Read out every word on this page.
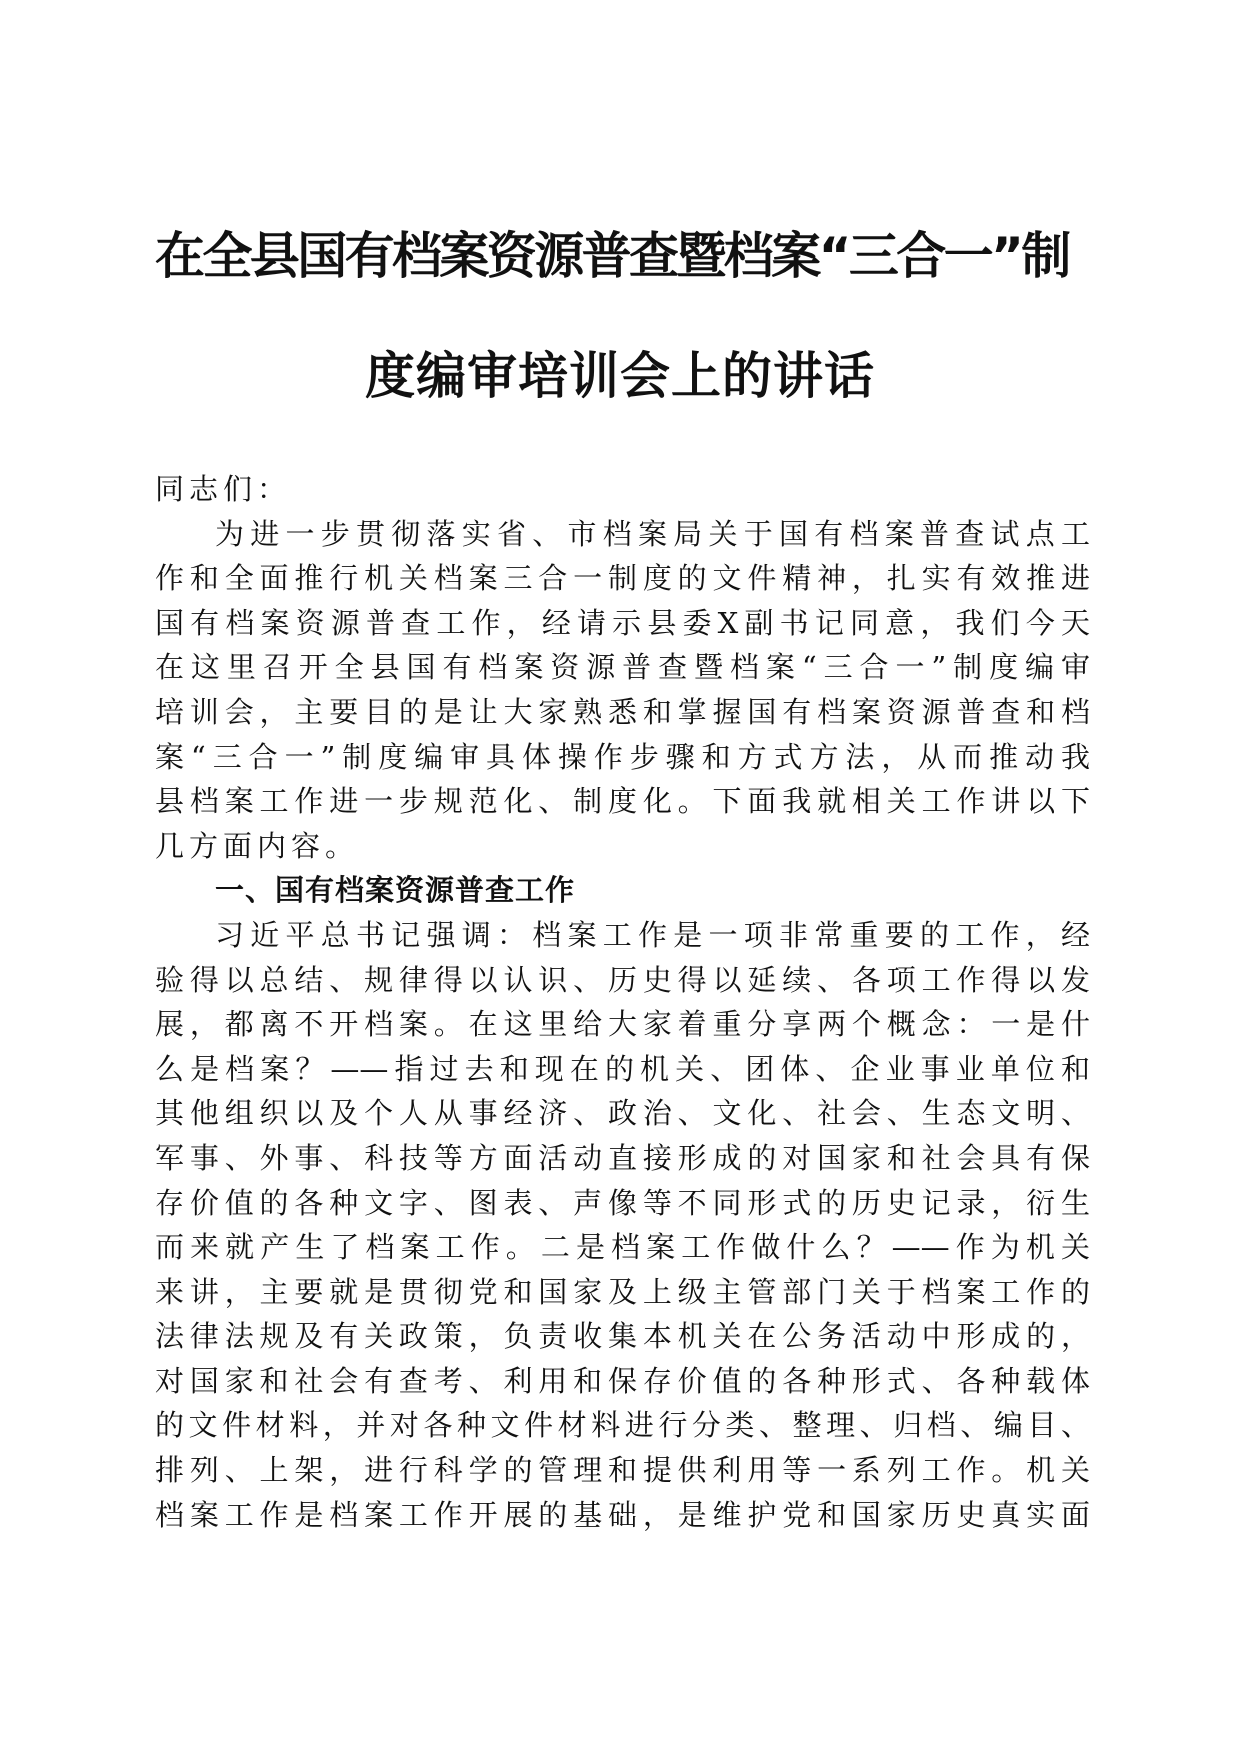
在全县国有档案资源普查暨档案“三合一”制
度编审培训会上的讲话
同志们：
为进一步贯彻落实省、市档案局关于国有档案普查试点工
作和全面推行机关档案三合一制度的文件精神，扎实有效推进
国有档案资源普查工作，经请示县委X副书记同意，我们今天
在这里召开全县国有档案资源普查暨档案“三合一”制度编审
培训会，主要目的是让大家熟悉和掌握国有档案资源普查和档
案“三合一”制度编审具体操作步骤和方式方法，从而推动我
县档案工作进一步规范化、制度化。下面我就相关工作讲以下
几方面内容。
一、国有档案资源普查工作
习近平总书记强调：档案工作是一项非常重要的工作，经
验得以总结、规律得以认识、历史得以延续、各项工作得以发
展，都离不开档案。在这里给大家着重分享两个概念：一是什
么是档案？——指过去和现在的机关、团体、企业事业单位和
其他组织以及个人从事经济、政治、文化、社会、生态文明、
军事、外事、科技等方面活动直接形成的对国家和社会具有保
存价值的各种文字、图表、声像等不同形式的历史记录，衍生
而来就产生了档案工作。二是档案工作做什么？——作为机关
来讲，主要就是贯彻党和国家及上级主管部门关于档案工作的
法律法规及有关政策，负责收集本机关在公务活动中形成的，
对国家和社会有查考、利用和保存价值的各种形式、各种载体
的文件材料，并对各种文件材料进行分类、整理、归档、编目、
排列、上架，进行科学的管理和提供利用等一系列工作。机关
档案工作是档案工作开展的基础，是维护党和国家历史真实面
